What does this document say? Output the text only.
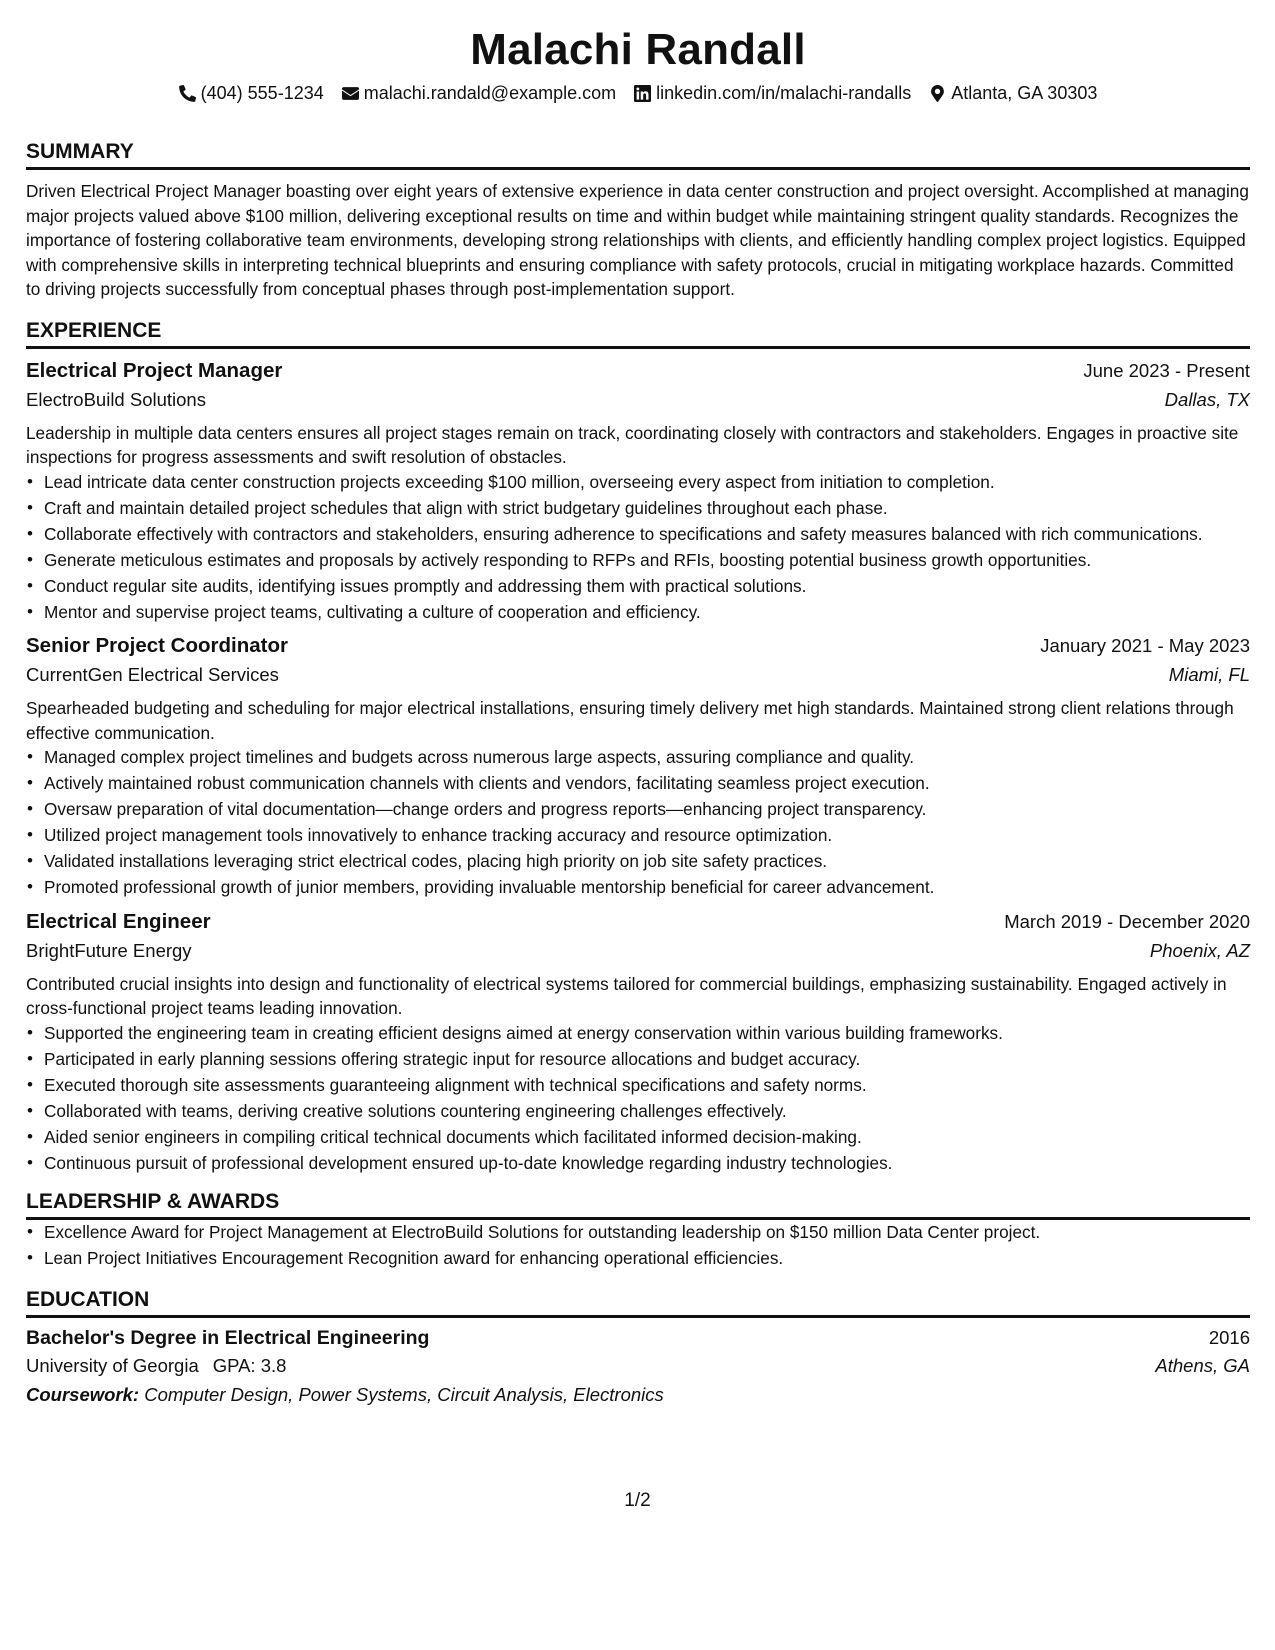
Malachi Randall
(404) 555-1234 malachi.randald@example.com linkedin.com/in/malachi-randalls Atlanta, GA 30303
SUMMARY

Driven Electrical Project Manager boasting over eight years of extensive experience in data center construction and project oversight. Accomplished at managing major projects valued above $100 million, delivering exceptional results on time and within budget while maintaining stringent quality standards. Recognizes the importance of fostering collaborative team environments, developing strong relationships with clients, and efficiently handling complex project logistics. Equipped with comprehensive skills in interpreting technical blueprints and ensuring compliance with safety protocols, crucial in mitigating workplace hazards. Committed to driving projects successfully from conceptual phases through post-implementation support.

EXPERIENCE
Electrical Project Manager	June 2023 - Present
ElectroBuild Solutions	Dallas, TX

Leadership in multiple data centers ensures all project stages remain on track, coordinating closely with contractors and stakeholders. Engages in proactive site inspections for progress assessments and swift resolution of obstacles.

• Lead intricate data center construction projects exceeding $100 million, overseeing every aspect from initiation to completion.
• Craft and maintain detailed project schedules that align with strict budgetary guidelines throughout each phase.
• Collaborate effectively with contractors and stakeholders, ensuring adherence to specifications and safety measures balanced with rich communications.
• Generate meticulous estimates and proposals by actively responding to RFPs and RFIs, boosting potential business growth opportunities.
• Conduct regular site audits, identifying issues promptly and addressing them with practical solutions.
• Mentor and supervise project teams, cultivating a culture of cooperation and efficiency.
Senior Project Coordinator	January 2021 - May 2023
CurrentGen Electrical Services	Miami, FL

Spearheaded budgeting and scheduling for major electrical installations, ensuring timely delivery met high standards. Maintained strong client relations through effective communication.

• Managed complex project timelines and budgets across numerous large aspects, assuring compliance and quality.
• Actively maintained robust communication channels with clients and vendors, facilitating seamless project execution.
• Oversaw preparation of vital documentation—change orders and progress reports—enhancing project transparency.
• Utilized project management tools innovatively to enhance tracking accuracy and resource optimization.
• Validated installations leveraging strict electrical codes, placing high priority on job site safety practices.
• Promoted professional growth of junior members, providing invaluable mentorship beneficial for career advancement.
Electrical Engineer	March 2019 - December 2020
BrightFuture Energy	Phoenix, AZ

Contributed crucial insights into design and functionality of electrical systems tailored for commercial buildings, emphasizing sustainability. Engaged actively in cross-functional project teams leading innovation.

• Supported the engineering team in creating efficient designs aimed at energy conservation within various building frameworks.
• Participated in early planning sessions offering strategic input for resource allocations and budget accuracy.
• Executed thorough site assessments guaranteeing alignment with technical specifications and safety norms.
• Collaborated with teams, deriving creative solutions countering engineering challenges effectively.
• Aided senior engineers in compiling critical technical documents which facilitated informed decision-making.
• Continuous pursuit of professional development ensured up-to-date knowledge regarding industry technologies.
LEADERSHIP & AWARDS
• Excellence Award for Project Management at ElectroBuild Solutions for outstanding leadership on $150 million Data Center project.
• Lean Project Initiatives Encouragement Recognition award for enhancing operational efficiencies.
EDUCATION
Bachelor's Degree in Electrical Engineering	2016
University of Georgia GPA: 3.8	Athens, GA
Coursework: Computer Design, Power Systems, Circuit Analysis, Electronics
1/2
